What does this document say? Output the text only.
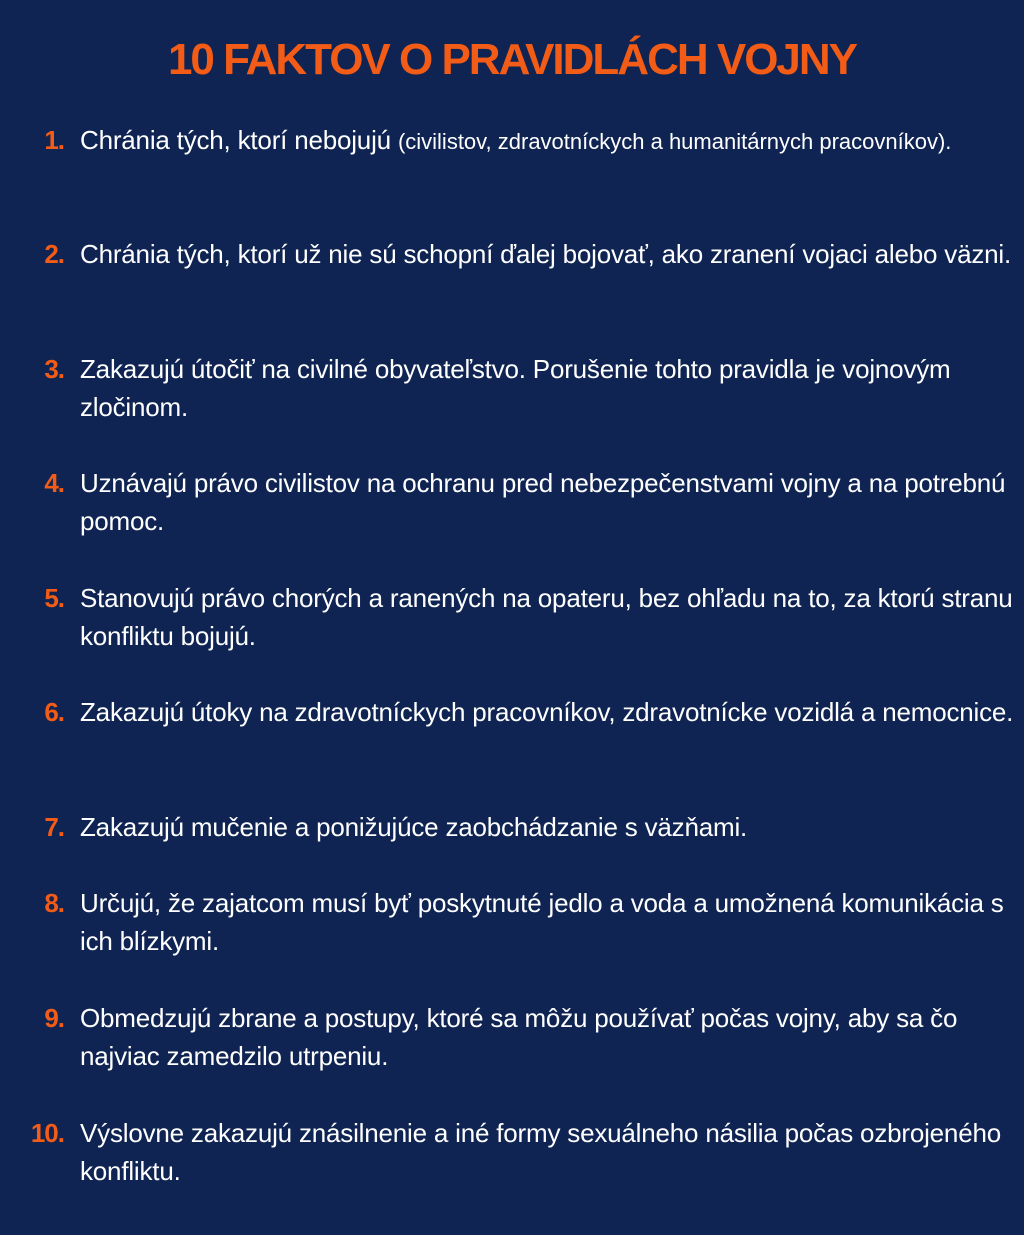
10 FAKTOV O PRAVIDLÁCH VOJNY
1. Chránia tých, ktorí nebojujú (civilistov, zdravotníckych a humanitárnych pracovníkov).
2. Chránia tých, ktorí už nie sú schopní ďalej bojovať, ako zranení vojaci alebo väzni.
3. Zakazujú útočiť na civilné obyvateľstvo. Porušenie tohto pravidla je vojnovým zločinom.
4. Uznávajú právo civilistov na ochranu pred nebezpečenstvami vojny a na potrebnú pomoc.
5. Stanovujú právo chorých a ranených na opateru, bez ohľadu na to, za ktorú stranu konfliktu bojujú.
6. Zakazujú útoky na zdravotníckych pracovníkov, zdravotnícke vozidlá a nemocnice.
7. Zakazujú mučenie a ponižujúce zaobchádzanie s väzňami.
8. Určujú, že zajatcom musí byť poskytnuté jedlo a voda a umožnená komunikácia s ich blízkymi.
9. Obmedzujú zbrane a postupy, ktoré sa môžu používať počas vojny, aby sa čo najviac zamedzilo utrpeniu.
10. Výslovne zakazujú znásilnenie a iné formy sexuálneho násilia počas ozbrojeného konfliktu.
